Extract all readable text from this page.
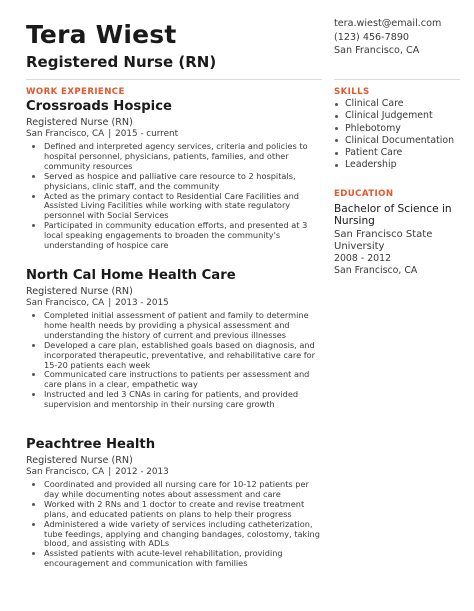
Tera Wiest
Registered Nurse (RN)
tera.wiest@email.com
(123) 456-7890
San Francisco, CA
WORK EXPERIENCE
Crossroads Hospice
Registered Nurse (RN)
San Francisco, CA | 2015 - current
Defined and interpreted agency services, criteria and policies to hospital personnel, physicians, patients, families, and other community resources
Served as hospice and palliative care resource to 2 hospitals, physicians, clinic staff, and the community
Acted as the primary contact to Residential Care Facilities and Assisted Living Facilities while working with state regulatory personnel with Social Services
Participated in community education efforts, and presented at 3 local speaking engagements to broaden the community's understanding of hospice care
North Cal Home Health Care
Registered Nurse (RN)
San Francisco, CA | 2013 - 2015
Completed initial assessment of patient and family to determine home health needs by providing a physical assessment and understanding the history of current and previous illnesses
Developed a care plan, established goals based on diagnosis, and incorporated therapeutic, preventative, and rehabilitative care for 15-20 patients each week
Communicated care instructions to patients per assessment and care plans in a clear, empathetic way
Instructed and led 3 CNAs in caring for patients, and provided supervision and mentorship in their nursing care growth
Peachtree Health
Registered Nurse (RN)
San Francisco, CA | 2012 - 2013
Coordinated and provided all nursing care for 10-12 patients per day while documenting notes about assessment and care
Worked with 2 RNs and 1 doctor to create and revise treatment plans, and educated patients on plans to help their progress
Administered a wide variety of services including catheterization, tube feedings, applying and changing bandages, colostomy, taking blood, and assisting with ADLs
Assisted patients with acute-level rehabilitation, providing encouragement and communication with families
SKILLS
Clinical Care
Clinical Judgement
Phlebotomy
Clinical Documentation
Patient Care
Leadership
EDUCATION
Bachelor of Science in Nursing
San Francisco State University
2008 - 2012
San Francisco, CA
